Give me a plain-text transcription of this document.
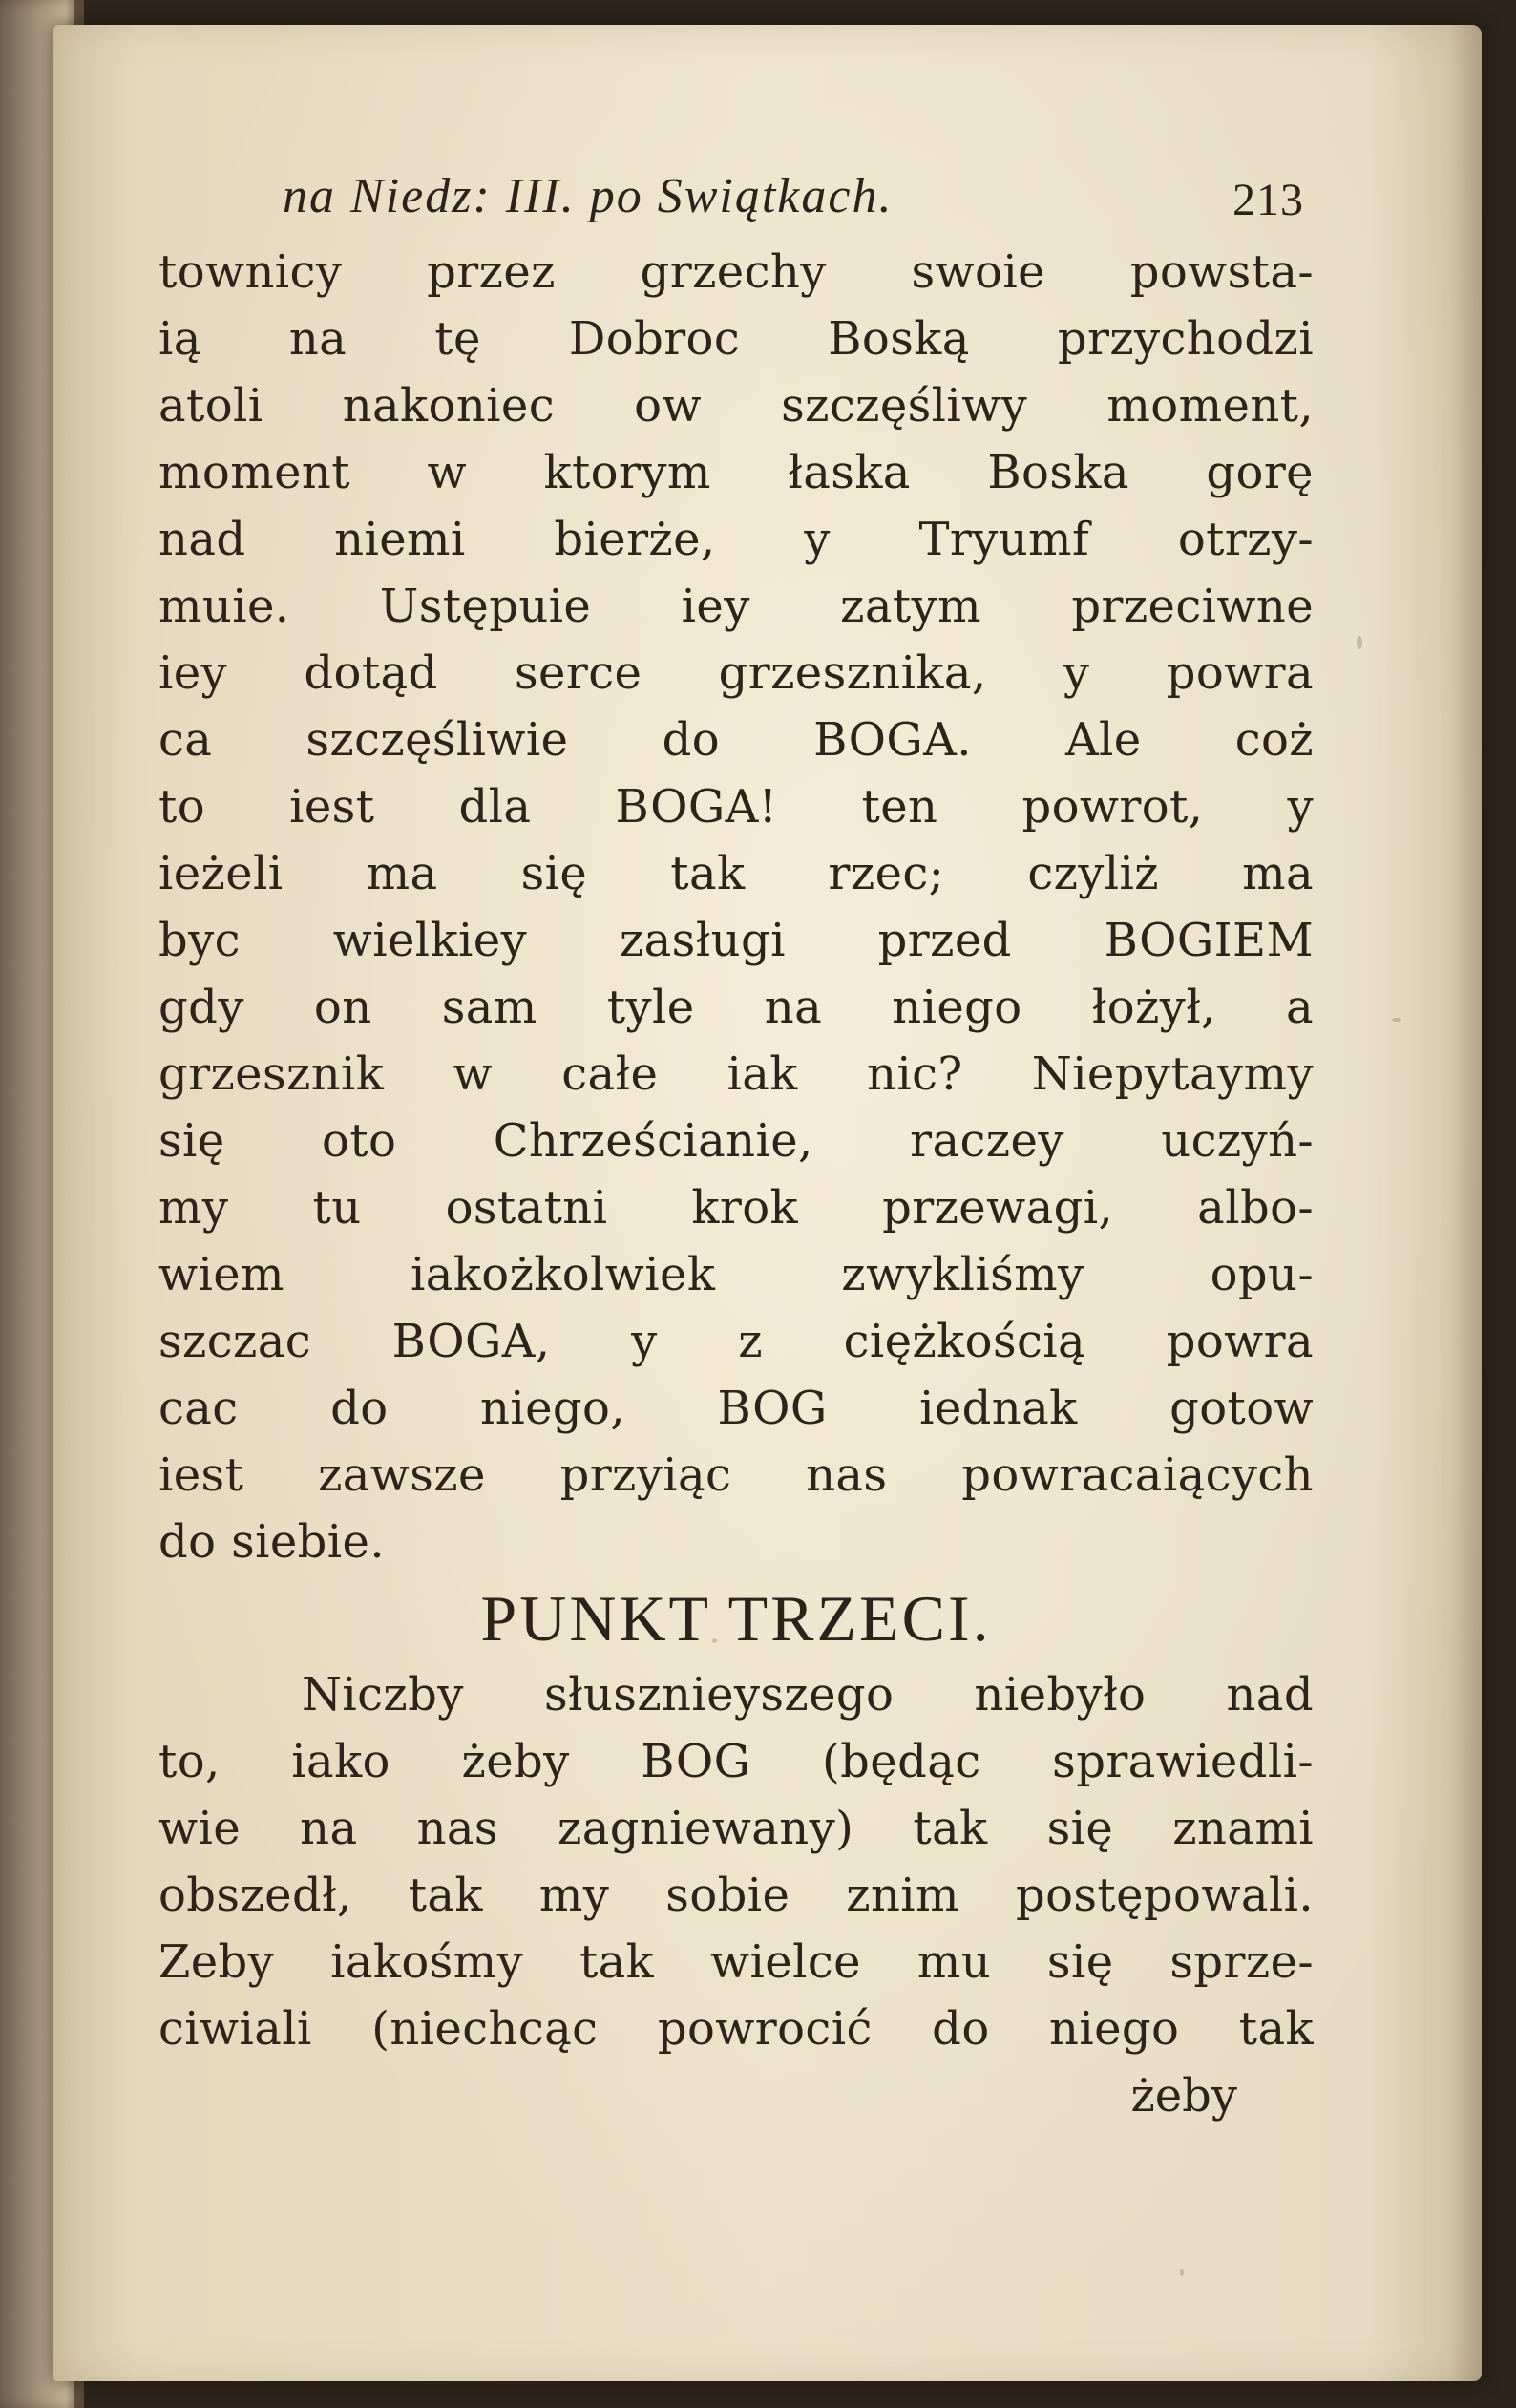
na Niedz: III. po Swiątkach.	213
townicy przez grzechy swoie powsta-
ią na tę Dobroc Boską przychodzi
atoli nakoniec ow szczęśliwy moment,
moment w ktorym łaska Boska gorę
nad niemi bierże, y Tryumf otrzy-
muie. Ustępuie iey zatym przeciwne
iey dotąd serce grzesznika, y powra
ca szczęśliwie do BOGA. Ale coż
to iest dla BOGA! ten powrot, y
ieżeli ma się tak rzec; czyliż ma
byc wielkiey zasługi przed BOGIEM
gdy on sam tyle na niego łożył, a
grzesznik w całe iak nic? Niepytaymy
się oto Chrześcianie, raczey uczyń-
my tu ostatni krok przewagi, albo-
wiem iakożkolwiek zwykliśmy opu-
szczac BOGA, y z ciężkością powra
cac do niego, BOG iednak gotow
iest zawsze przyiąc nas powracaiących
do siebie.
PUNKT TRZECI.
Niczby słusznieyszego niebyło nad
to, iako żeby BOG (będąc sprawiedli-
wie na nas zagniewany) tak się znami
obszedł, tak my sobie znim postępowali.
Zeby iakośmy tak wielce mu się sprze-
ciwiali (niechcąc powrocić do niego tak
żeby
